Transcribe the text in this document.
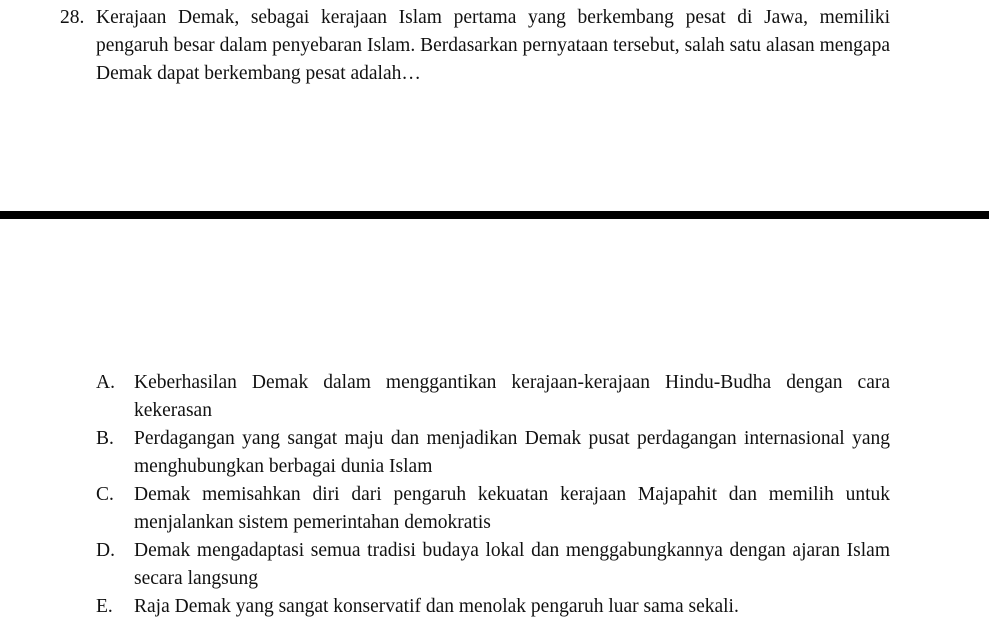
28. Kerajaan Demak, sebagai kerajaan Islam pertama yang berkembang pesat di Jawa, memiliki pengaruh besar dalam penyebaran Islam. Berdasarkan pernyataan tersebut, salah satu alasan mengapa Demak dapat berkembang pesat adalah…
A. Keberhasilan Demak dalam menggantikan kerajaan-kerajaan Hindu-Budha dengan cara kekerasan
B.	Perdagangan yang sangat maju dan menjadikan Demak pusat perdagangan internasional yang menghubungkan berbagai dunia Islam
C.	Demak memisahkan diri dari pengaruh kekuatan kerajaan Majapahit dan memilih untuk menjalankan sistem pemerintahan demokratis
D. Demak mengadaptasi semua tradisi budaya lokal dan menggabungkannya dengan ajaran Islam secara langsung
E.	Raja Demak yang sangat konservatif dan menolak pengaruh luar sama sekali.
